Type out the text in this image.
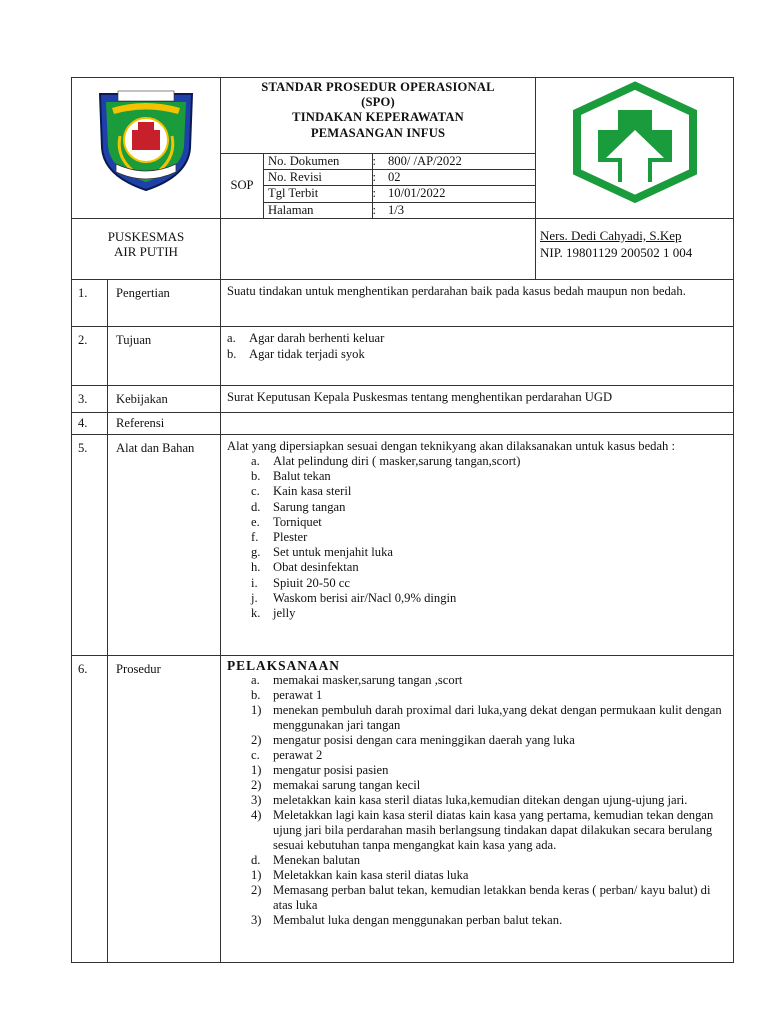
STANDAR PROSEDUR OPERASIONAL
(SPO)
TINDAKAN KEPERAWATAN
PEMASANGAN INFUS

SOP	
No. Dokumen	:	800/ /AP/2022
No. Revisi	:	02
Tgl Terbit	:	10/01/2022
Halaman	:	1/3

PUSKESMAS
AIR PUTIH

Ners. Dedi Cahyadi, S.Kep
NIP. 19801129 200502 1 004

1.	Pengertian	Suatu tindakan untuk menghentikan perdarahan baik pada kasus bedah maupun non bedah.
2.	Tujuan	a.	Agar darah berhenti keluar
b. Agar tidak terjadi syok

3.	Kebijakan	Surat Keputusan Kepala Puskesmas tentang menghentikan perdarahan UGD
4.	Referensi	
5.	Alat dan Bahan	Alat yang dipersiapkan sesuai dengan teknikyang akan dilaksanakan untuk kasus bedah :
a.	Alat pelindung diri ( masker,sarung tangan,scort)
b. Balut tekan
c.	Kain kasa steril
d. Sarung tangan
e.	Torniquet
f.	Plester
g. Set untuk menjahit luka
h. Obat desinfektan
i.	Spiuit 20-50 cc
j.	Waskom berisi air/Nacl 0,9% dingin
k. jelly

6.	Prosedur	PELAKSANAAN
a.	memakai masker,sarung tangan ,scort
b. perawat 1
1) menekan pembuluh darah proximal dari luka,yang dekat dengan permukaan kulit dengan menggunakan jari tangan
2) mengatur posisi dengan cara meninggikan daerah yang luka
c.	perawat 2
1) mengatur posisi pasien
2) memakai sarung tangan kecil
3) meletakkan kain kasa steril diatas luka,kemudian ditekan dengan ujung-ujung jari.
4) Meletakkan lagi kain kasa steril diatas kain kasa yang pertama, kemudian tekan dengan ujung jari bila perdarahan masih berlangsung tindakan dapat dilakukan secara berulang sesuai kebutuhan tanpa mengangkat kain kasa yang ada.
d. Menekan balutan
1) Meletakkan kain kasa steril diatas luka
2) Memasang perban balut tekan, kemudian letakkan benda keras ( perban/ kayu balut) di atas luka
3) Membalut luka dengan menggunakan perban balut tekan.
